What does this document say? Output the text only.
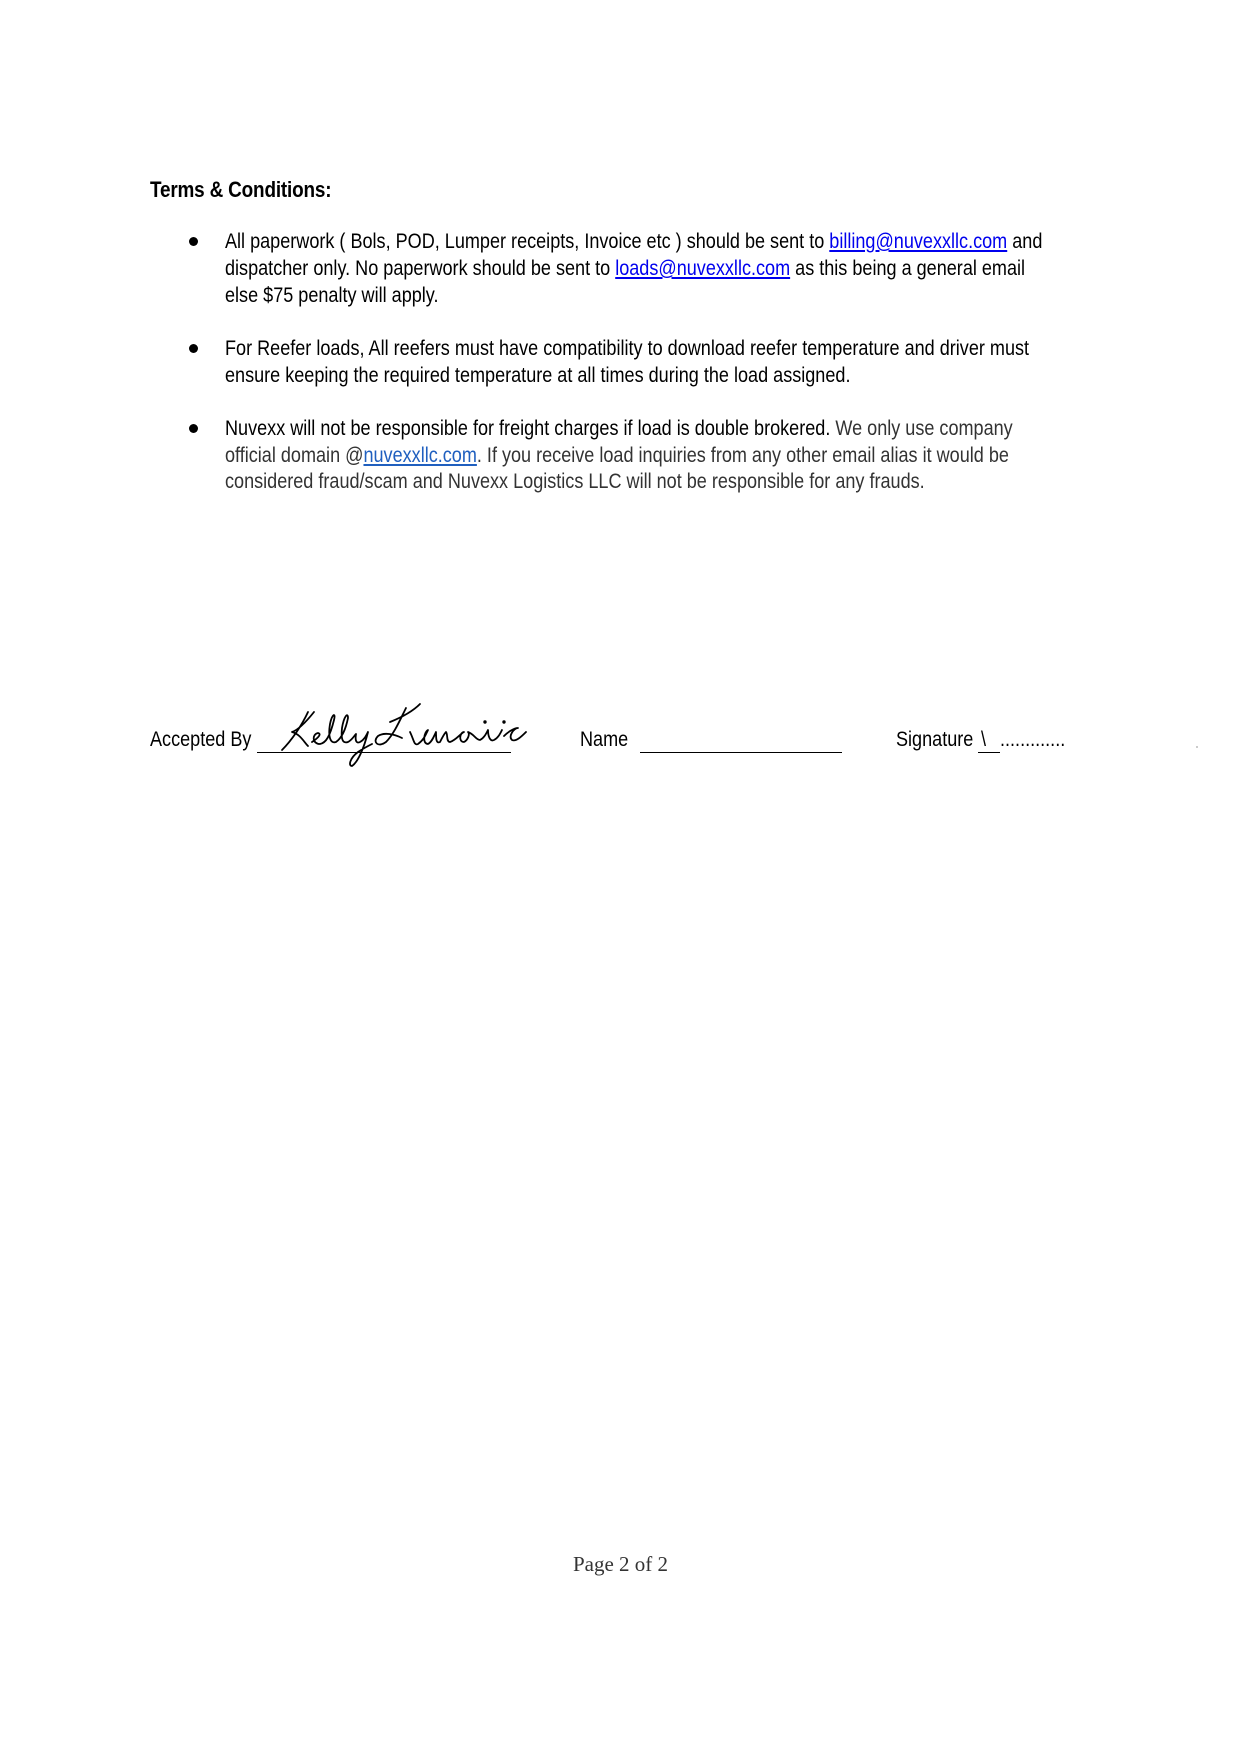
Terms & Conditions:
All paperwork ( Bols, POD, Lumper receipts, Invoice etc ) should be sent to billing@nuvexxllc.com and
dispatcher only. No paperwork should be sent to loads@nuvexxllc.com as this being a general email
else $75 penalty will apply.
For Reefer loads, All reefers must have compatibility to download reefer temperature and driver must
ensure keeping the required temperature at all times during the load assigned.
Nuvexx will not be responsible for freight charges if load is double brokered. We only use company
official domain @nuvexxllc.com. If you receive load inquiries from any other email alias it would be
considered fraud/scam and Nuvexx Logistics LLC will not be responsible for any frauds.
Accepted By	Name	Signature \ .............
Page 2 of 2
